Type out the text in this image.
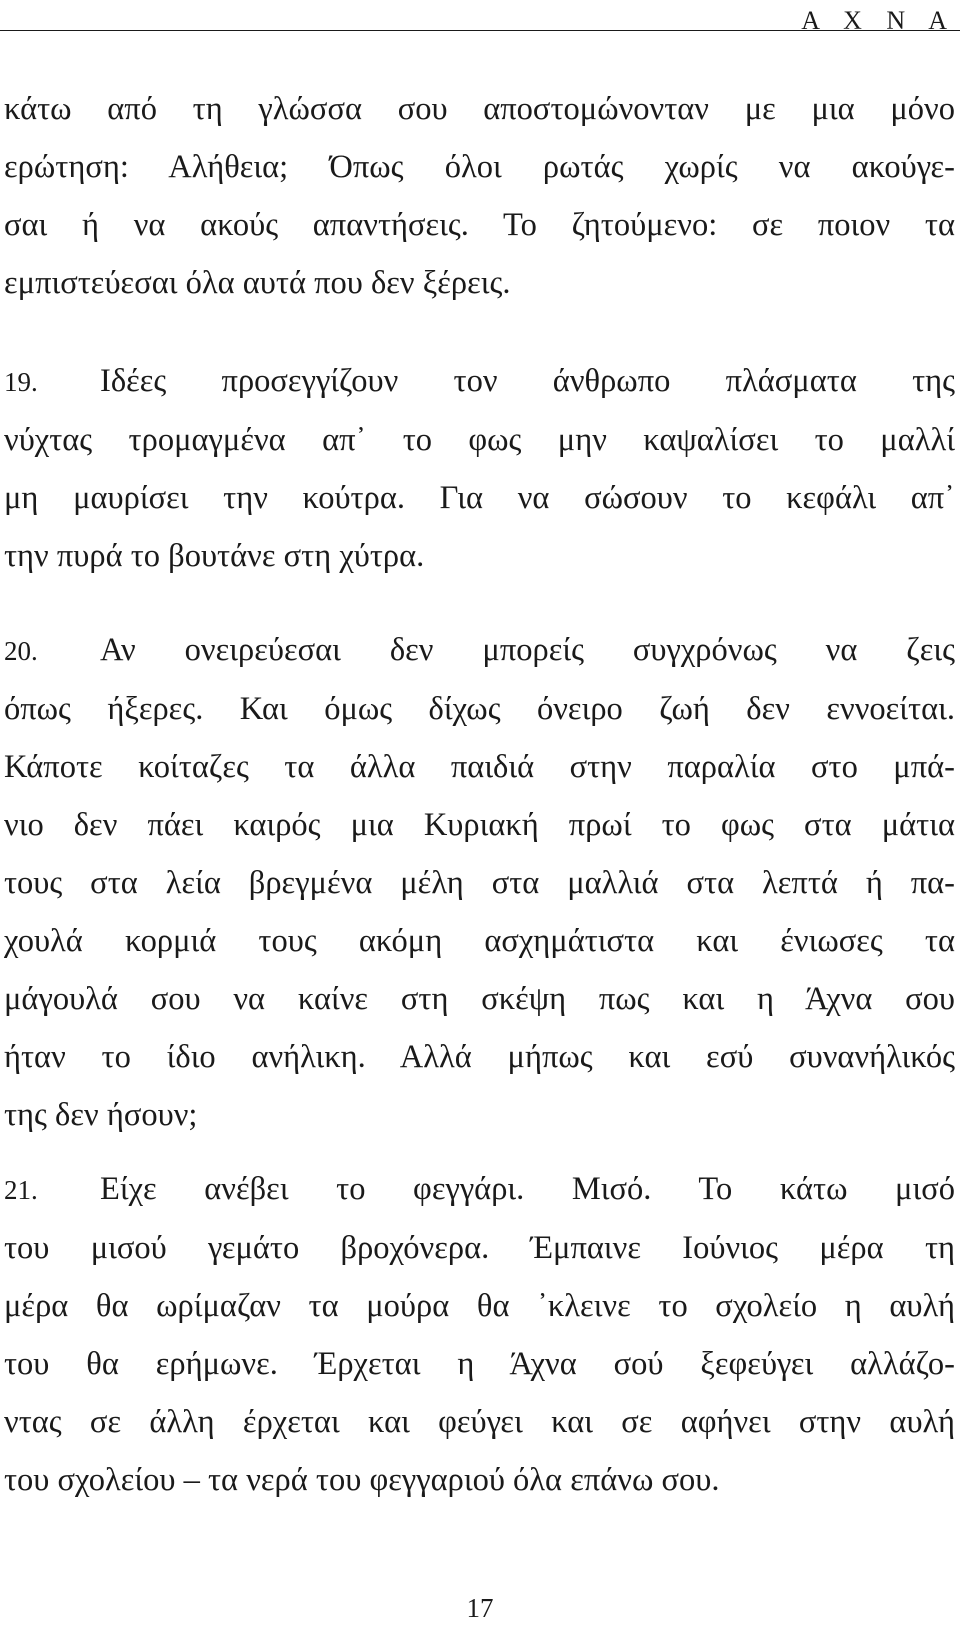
Α Χ Ν Α
κάτω από τη γλώσσα σου αποστομώνονταν με μια μόνο
ερώτηση: Αλήθεια; Όπως όλοι ρωτάς χωρίς να ακούγε-
σαι ή να ακούς απαντήσεις. Το ζητούμενο: σε ποιον τα
εμπιστεύεσαι όλα αυτά που δεν ξέρεις.
19. Ιδέες προσεγγίζουν τον άνθρωπο πλάσματα της
νύχτας τρομαγμένα απ᾽ το φως μην καψαλίσει το μαλλί
μη μαυρίσει την κούτρα. Για να σώσουν το κεφάλι απ᾽
την πυρά το βουτάνε στη χύτρα.
20. Αν ονειρεύεσαι δεν μπορείς συγχρόνως να ζεις
όπως ήξερες. Και όμως δίχως όνειρο ζωή δεν εννοείται.
Κάποτε κοίταζες τα άλλα παιδιά στην παραλία στο μπά-
νιο δεν πάει καιρός μια Κυριακή πρωί το φως στα μάτια
τους στα λεία βρεγμένα μέλη στα μαλλιά στα λεπτά ή πα-
χουλά κορμιά τους ακόμη ασχημάτιστα και ένιωσες τα
μάγουλά σου να καίνε στη σκέψη πως και η Άχνα σου
ήταν το ίδιο ανήλικη. Αλλά μήπως και εσύ συνανήλικός
της δεν ήσουν;
21. Είχε ανέβει το φεγγάρι. Μισό. Το κάτω μισό
του μισού γεμάτο βροχόνερα. Έμπαινε Ιούνιος μέρα τη
μέρα θα ωρίμαζαν τα μούρα θα ᾽κλεινε το σχολείο η αυλή
του θα ερήμωνε. Έρχεται η Άχνα σού ξεφεύγει αλλάζο-
ντας σε άλλη έρχεται και φεύγει και σε αφήνει στην αυλή
του σχολείου – τα νερά του φεγγαριού όλα επάνω σου.
17
